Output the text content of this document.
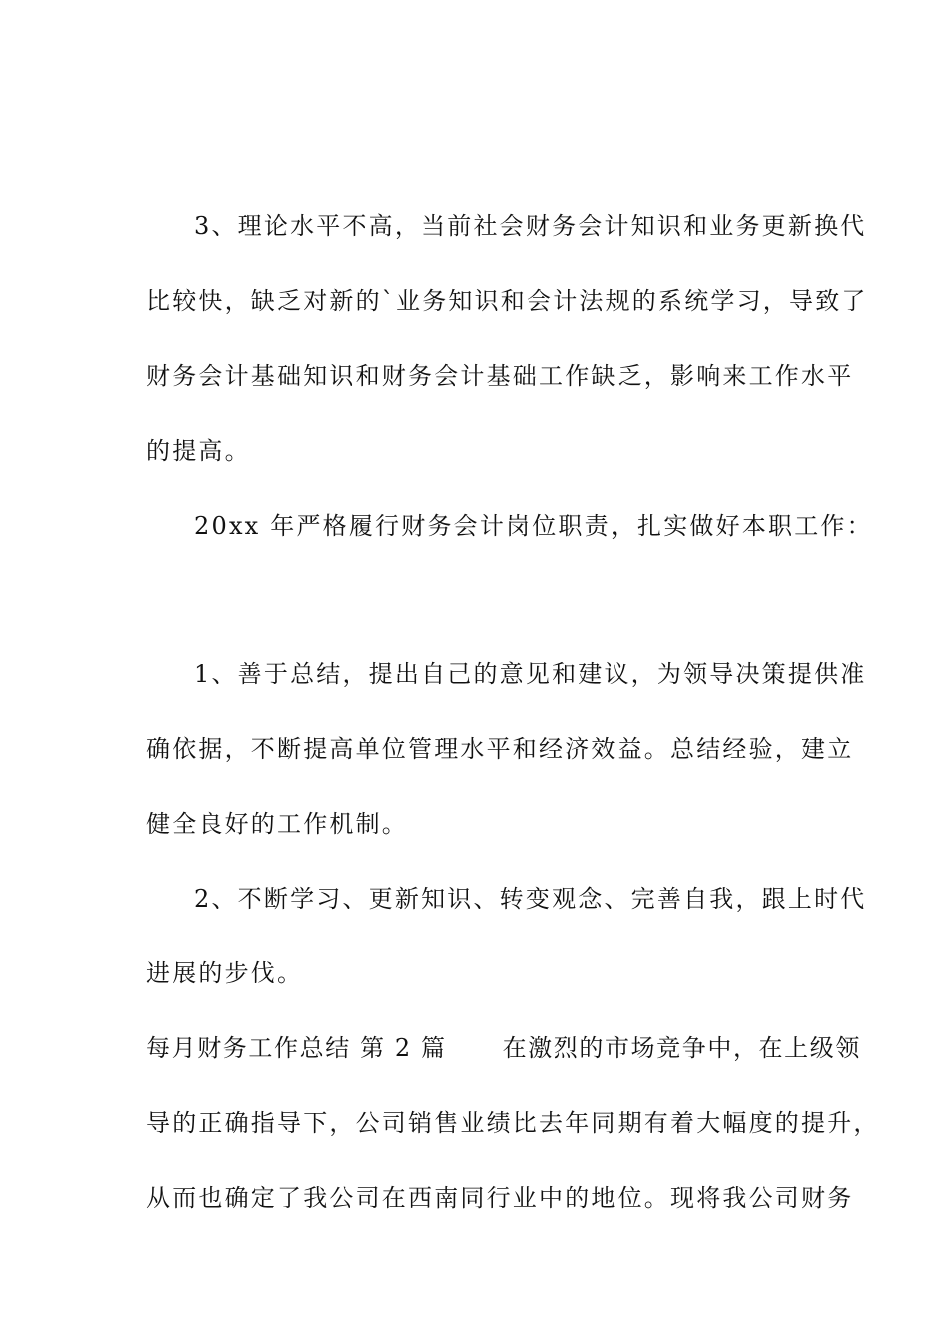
3、理论水平不高，当前社会财务会计知识和业务更新换代
比较快，缺乏对新的`业务知识和会计法规的系统学习，导致了
财务会计基础知识和财务会计基础工作缺乏，影响来工作水平
的提高。
20xx 年严格履行财务会计岗位职责，扎实做好本职工作：
1、善于总结，提出自己的意见和建议，为领导决策提供准
确依据，不断提高单位管理水平和经济效益。总结经验，建立
健全良好的工作机制。
2、不断学习、更新知识、转变观念、完善自我，跟上时代
进展的步伐。
每月财务工作总结 第 2 篇 在激烈的市场竞争中，在上级领
导的正确指导下，公司销售业绩比去年同期有着大幅度的提升，
从而也确定了我公司在西南同行业中的地位。现将我公司财务
